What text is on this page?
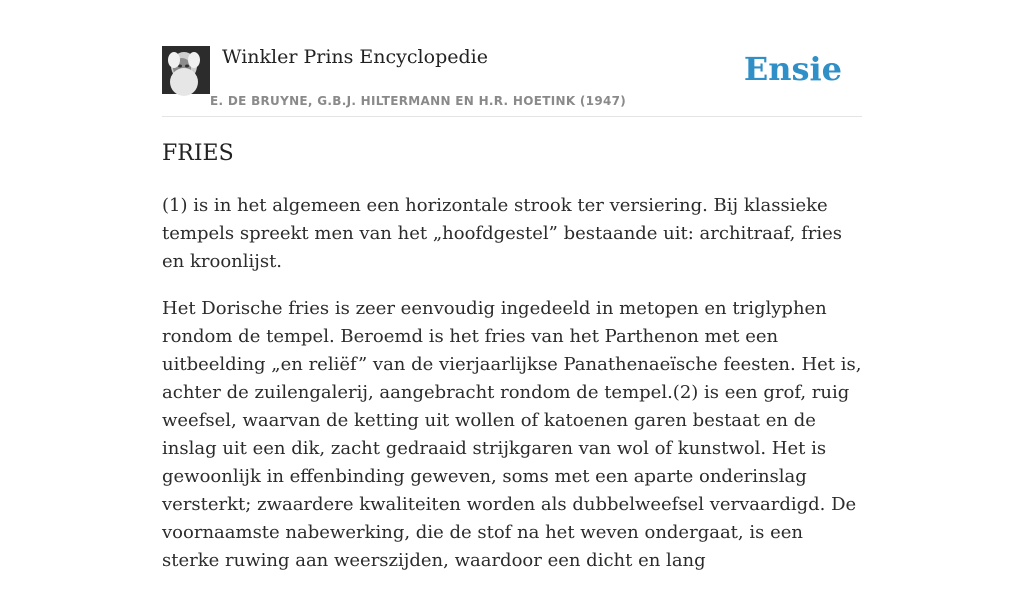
Winkler Prins Encyclopedie
E. DE BRUYNE, G.B.J. HILTERMANN EN H.R. HOETINK (1947)
Ensie
FRIES

(1) is in het algemeen een horizontale strook ter versiering. Bij klassieke tempels spreekt men van het „hoofdgestel” bestaande uit: architraaf, fries en kroonlijst.

Het Dorische fries is zeer eenvoudig ingedeeld in metopen en triglyphen rondom de tempel. Beroemd is het fries van het Parthenon met een uitbeelding „en reliëf” van de vierjaarlijkse Panathenaeïsche feesten. Het is, achter de zuilengalerij, aangebracht rondom de tempel.(2) is een grof, ruig weefsel, waarvan de ketting uit wollen of katoenen garen bestaat en de inslag uit een dik, zacht gedraaid strijkgaren van wol of kunstwol. Het is gewoonlijk in effenbinding geweven, soms met een aparte onderinslag versterkt; zwaardere kwaliteiten worden als dubbelweefsel vervaardigd. De voornaamste nabewerking, die de stof na het weven ondergaat, is een sterke ruwing aan weerszijden, waardoor een dicht en lang
